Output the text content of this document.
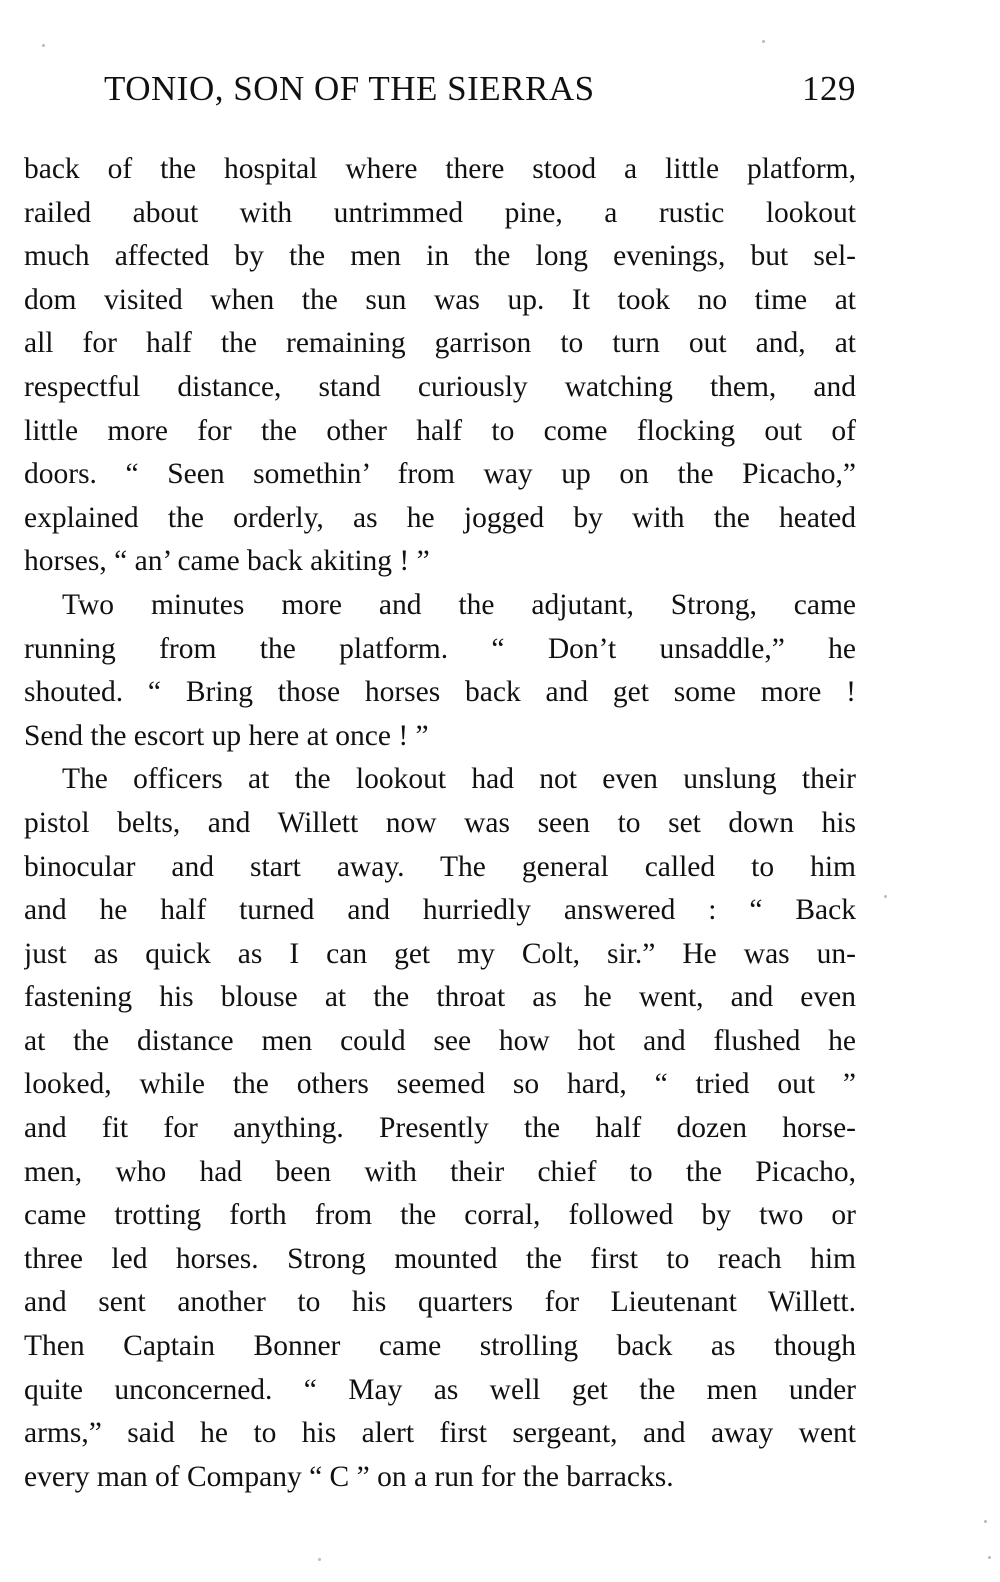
TONIO, SON OF THE SIERRAS	129
back of the hospital where there stood a little platform,
railed about with untrimmed pine, a rustic lookout
much affected by the men in the long evenings, but sel-
dom visited when the sun was up. It took no time at
all for half the remaining garrison to turn out and, at
respectful distance, stand curiously watching them, and
little more for the other half to come flocking out of
doors. “ Seen somethin’ from way up on the Picacho,”
explained the orderly, as he jogged by with the heated
horses, “ an’ came back akiting ! ”
Two minutes more and the adjutant, Strong, came
running from the platform. “ Don’t unsaddle,” he
shouted. “ Bring those horses back and get some more !
Send the escort up here at once ! ”
The officers at the lookout had not even unslung their
pistol belts, and Willett now was seen to set down his
binocular and start away. The general called to him
and he half turned and hurriedly answered : “ Back
just as quick as I can get my Colt, sir.” He was un-
fastening his blouse at the throat as he went, and even
at the distance men could see how hot and flushed he
looked, while the others seemed so hard, “ tried out ”
and fit for anything. Presently the half dozen horse-
men, who had been with their chief to the Picacho,
came trotting forth from the corral, followed by two or
three led horses. Strong mounted the first to reach him
and sent another to his quarters for Lieutenant Willett.
Then Captain Bonner came strolling back as though
quite unconcerned. “ May as well get the men under
arms,” said he to his alert first sergeant, and away went
every man of Company “ C ” on a run for the barracks.
